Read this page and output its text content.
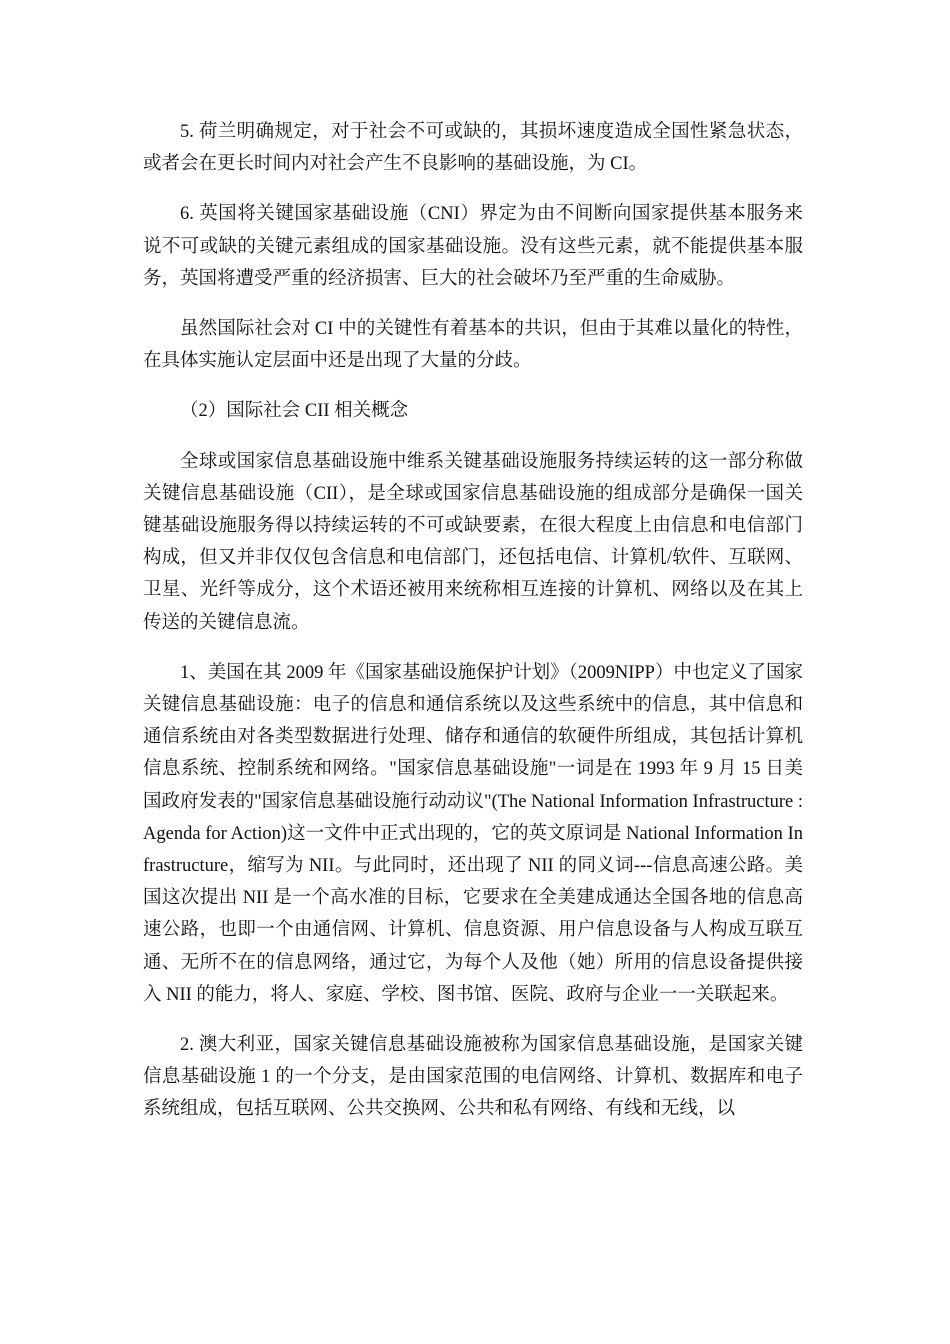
5. 荷兰明确规定，对于社会不可或缺的，其损坏速度造成全国性紧急状态，或者会在更长时间内对社会产生不良影响的基础设施，为 CI。

6. 英国将关键国家基础设施（CNI）界定为由不间断向国家提供基本服务来说不可或缺的关键元素组成的国家基础设施。没有这些元素，就不能提供基本服务，英国将遭受严重的经济损害、巨大的社会破坏乃至严重的生命威胁。

虽然国际社会对 CI 中的关键性有着基本的共识，但由于其难以量化的特性，在具体实施认定层面中还是出现了大量的分歧。

（2）国际社会 CII 相关概念

全球或国家信息基础设施中维系关键基础设施服务持续运转的这一部分称做关键信息基础设施（CII），是全球或国家信息基础设施的组成部分是确保一国关键基础设施服务得以持续运转的不可或缺要素，在很大程度上由信息和电信部门构成，但又并非仅仅包含信息和电信部门，还包括电信、计算机/软件、互联网、卫星、光纤等成分，这个术语还被用来统称相互连接的计算机、网络以及在其上传送的关键信息流。

1、美国在其 2009 年《国家基础设施保护计划》（2009NIPP）中也定义了国家关键信息基础设施：电子的信息和通信系统以及这些系统中的信息，其中信息和通信系统由对各类型数据进行处理、储存和通信的软硬件所组成，其包括计算机信息系统、控制系统和网络。"国家信息基础设施"一词是在 1993 年 9 月 15 日美国政府发表的"国家信息基础设施行动动议"(The National Information Infrastructure :Agenda for Action)这一文件中正式出现的，它的英文原词是 National Information Infrastructure，缩写为 NII。与此同时，还出现了 NII 的同义词---信息高速公路。美国这次提出 NII 是一个高水准的目标，它要求在全美建成通达全国各地的信息高速公路，也即一个由通信网、计算机、信息资源、用户信息设备与人构成互联互通、无所不在的信息网络，通过它，为每个人及他（她）所用的信息设备提供接入 NII 的能力，将人、家庭、学校、图书馆、医院、政府与企业一一关联起来。

2. 澳大利亚，国家关键信息基础设施被称为国家信息基础设施，是国家关键信息基础设施 1 的一个分支，是由国家范围的电信网络、计算机、数据库和电子系统组成，包括互联网、公共交换网、公共和私有网络、有线和无线，以
